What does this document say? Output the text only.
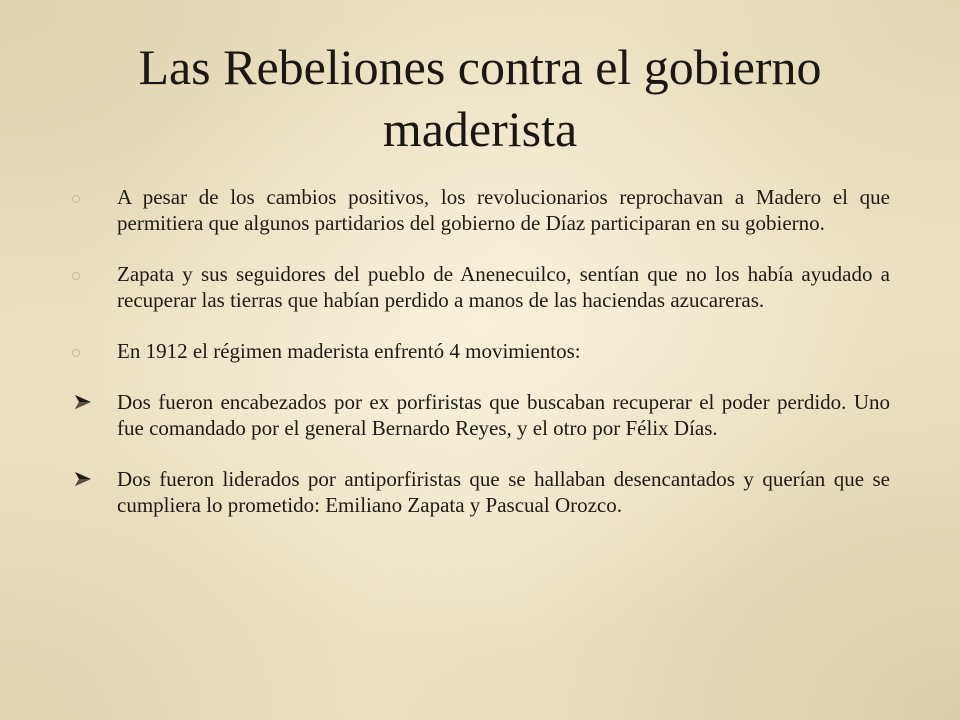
Las Rebeliones contra el gobierno maderista
A pesar de los cambios positivos, los revolucionarios reprochavan a Madero el que permitiera que algunos partidarios del gobierno de Díaz participaran en su gobierno.
Zapata y sus seguidores del pueblo de Anenecuilco, sentían que no los había ayudado a recuperar las tierras que habían perdido a manos de las haciendas azucareras.
En 1912 el régimen maderista enfrentó 4 movimientos:
Dos fueron encabezados por ex porfiristas que buscaban recuperar el poder perdido. Uno fue comandado por el general Bernardo Reyes, y el otro por Félix Días.
Dos fueron liderados por antiporfiristas que se hallaban desencantados y querían que se cumpliera lo prometido: Emiliano Zapata y Pascual Orozco.
